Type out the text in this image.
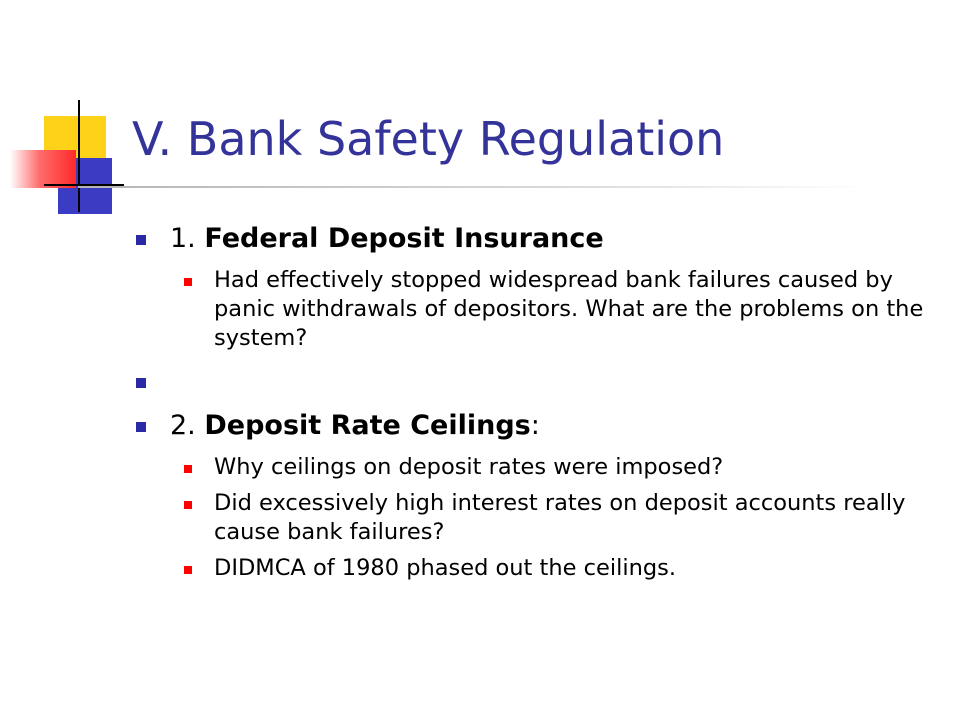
V. Bank Safety Regulation
1. Federal Deposit Insurance
Had effectively stopped widespread bank failures caused by panic withdrawals of depositors. What are the problems on the system?
2. Deposit Rate Ceilings:
Why ceilings on deposit rates were imposed?
Did excessively high interest rates on deposit accounts really cause bank failures?
DIDMCA of 1980 phased out the ceilings.
